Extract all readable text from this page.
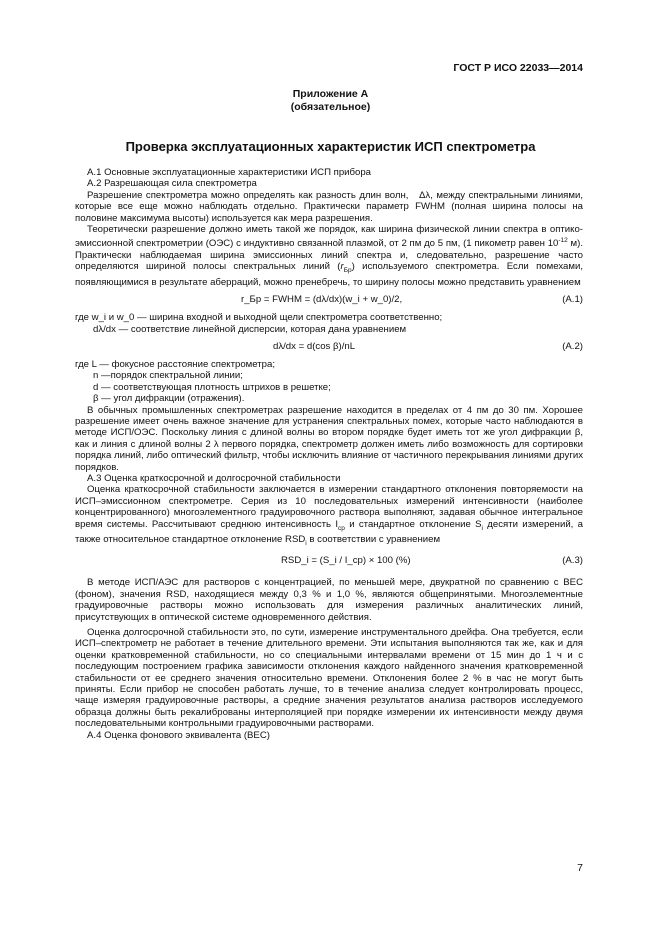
ГОСТ Р ИСО 22033—2014
Приложение А
(обязательное)
Проверка эксплуатационных характеристик ИСП спектрометра

А.1 Основные эксплуатационные характеристики ИСП прибора

А.2 Разрешающая сила спектрометра

Разрешение спектрометра можно определять как разность длин волн, Δλ, между спектральными линиями, которые все еще можно наблюдать отдельно. Практически параметр FWHM (полная ширина полосы на половине максимума высоты) используется как мера разрешения.

Теоретически разрешение должно иметь такой же порядок, как ширина физической линии спектра в оптико-эмиссионной спектрометрии (ОЭС) с индуктивно связанной плазмой, от 2 пм до 5 пм, (1 пикометр равен $10^{-12}$ м). Практически наблюдаемая ширина эмиссионных линий спектра и, следовательно, разрешение часто определяются шириной полосы спектральных линий $(r_{Бр})$ используемого спектрометра. Если помехами, появляющимися в результате аберраций, можно пренебречь, то ширину полосы можно представить уравнением

r_Бр = FWHM = (dλ/dx)(w_i + w_0)/2,	(А.1)

где w_i и w_0 — ширина входной и выходной щели спектрометра соответственно;

dλ/dx — соответствие линейной дисперсии, которая дана уравнением

dλ/dx = d(cos β)/nL	(А.2)

где L — фокусное расстояние спектрометра;

n —порядок спектральной линии;

d — соответствующая плотность штрихов в решетке;

β — угол дифракции (отражения).

В обычных промышленных спектрометрах разрешение находится в пределах от 4 пм до 30 пм. Хорошее разрешение имеет очень важное значение для устранения спектральных помех, которые часто наблюдаются в методе ИСП/ОЭС. Поскольку линия с длиной волны во втором порядке будет иметь тот же угол дифракции β, как и линия с длиной волны 2 λ первого порядка, спектрометр должен иметь либо возможность для сортировки порядка линий, либо оптический фильтр, чтобы исключить влияние от частичного перекрывания линиями других порядков.

А.3 Оценка краткосрочной и долгосрочной стабильности

Оценка краткосрочной стабильности заключается в измерении стандартного отклонения повторяемости на ИСП–эмиссионном спектрометре. Серия из 10 последовательных измерений интенсивности (наиболее концентрированного) многоэлементного градуировочного раствора выполняют, задавая обычное интегральное время системы. Рассчитывают среднюю интенсивность $I_{ср}$ и стандартное отклонение $S_i$ десяти измерений, а также относительное стандартное отклонение $RSD_i$ в соответствии с уравнением

RSD_i = (S_i / I_ср) × 100 (%)	(А.3)

В методе ИСП/АЭС для растворов с концентрацией, по меньшей мере, двукратной по сравнению с ВЕС (фоном), значения RSD, находящиеся между 0,3 % и 1,0 %, являются общепринятыми. Многоэлементные градуировочные растворы можно использовать для измерения различных аналитических линий, присутствующих в оптической системе одновременного действия.

Оценка долгосрочной стабильности это, по сути, измерение инструментального дрейфа. Она требуется, если ИСП–спектрометр не работает в течение длительного времени. Эти испытания выполняются так же, как и для оценки кратковременной стабильности, но со специальными интервалами времени от 15 мин до 1 ч и с последующим построением графика зависимости отклонения каждого найденного значения кратковременной стабильности от ее среднего значения относительно времени. Отклонения более 2 % в час не могут быть приняты. Если прибор не способен работать лучше, то в течение анализа следует контролировать процесс, чаще измеряя градуировочные растворы, а средние значения результатов анализа растворов исследуемого образца должны быть рекалиброваны интерполяцией при порядке измерении их интенсивности между двумя последовательными контрольными градуировочными растворами.

А.4 Оценка фонового эквивалента (ВЕС)

7
